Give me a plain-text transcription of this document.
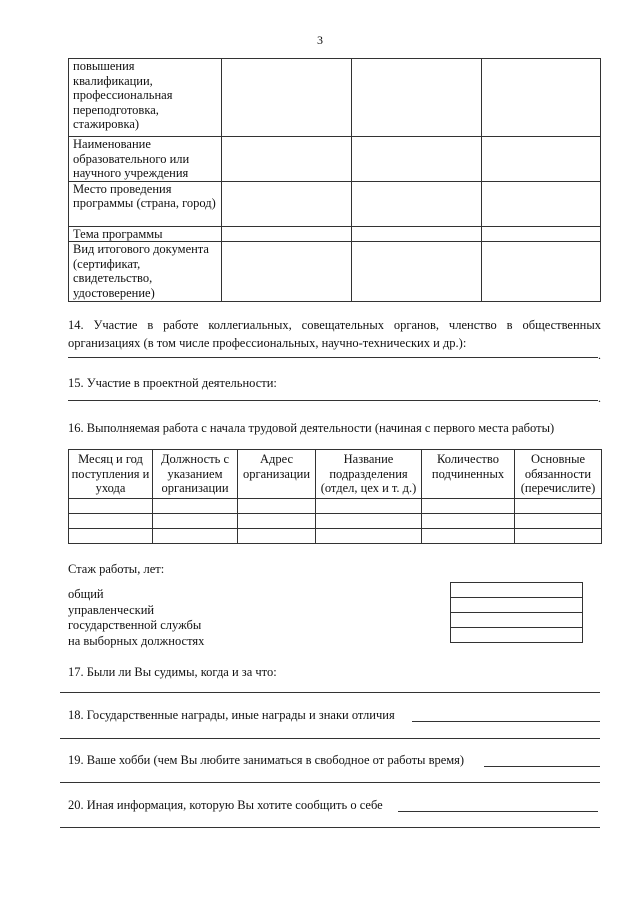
3
повышения квалификации, профессиональная переподготовка, стажировка)			
Наименование образовательного или научного учреждения			
Место проведения программы (страна, город)			
Тема программы			
Вид итогового документа (сертификат, свидетельство, удостоверение)			
14. Участие в работе коллегиальных, совещательных органов, членство в общественных организациях (в том числе профессиональных, научно-технических и др.):
.
15. Участие в проектной деятельности:
.
16. Выполняемая работа с начала трудовой деятельности (начиная с первого места работы)
Месяц и год поступления и ухода	Должность с указанием организации	Адрес организации	Название подразделения (отдел, цех и т. д.)	Количество подчиненных	Основные обязанности (перечислите)

Стаж работы, лет:
общий
управленческий
государственной службы
на выборных должностях

17. Были ли Вы судимы, когда и за что:
18. Государственные награды, иные награды и знаки отличия
19. Ваше хобби (чем Вы любите заниматься в свободное от работы время)
20. Иная информация, которую Вы хотите сообщить о себе
